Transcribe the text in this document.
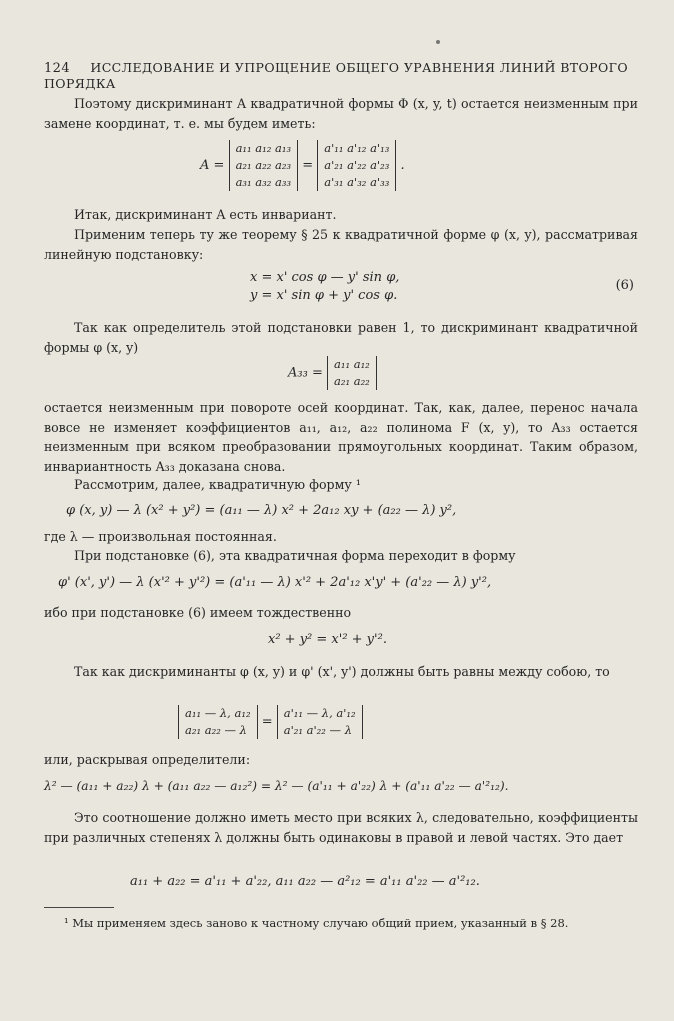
124 ИССЛЕДОВАНИЕ И УПРОЩЕНИЕ ОБЩЕГО УРАВНЕНИЯ ЛИНИЙ ВТОРОГО ПОРЯДКА
Поэтому дискриминант A квадратичной формы Φ (x, y, t) остается неизменным при замене координат, т. е. мы будем иметь:
A =
a₁₁ a₁₂ a₁₃
a₂₁ a₂₂ a₂₃
a₃₁ a₃₂ a₃₃
=
a'₁₁ a'₁₂ a'₁₃
a'₂₁ a'₂₂ a'₂₃
a'₃₁ a'₃₂ a'₃₃
.
Итак, дискриминант A есть инвариант.
Применим теперь ту же теорему § 25 к квадратичной форме φ (x, y), рассматривая линейную подстановку:
x = x' cos φ — y' sin φ,
y = x' sin φ + y' cos φ.
(6)
Так как определитель этой подстановки равен 1, то дискриминант квадратичной формы φ (x, y)
A₃₃ =
a₁₁ a₁₂
a₂₁ a₂₂
остается неизменным при повороте осей координат. Так, как, далее, перенос начала вовсе не изменяет коэффициентов a₁₁, a₁₂, a₂₂ полинома F (x, y), то A₃₃ остается неизменным при всяком преобразовании прямоугольных координат. Таким образом, инвариантность A₃₃ доказана снова.
Рассмотрим, далее, квадратичную форму ¹
φ (x, y) — λ (x² + y²) = (a₁₁ — λ) x² + 2a₁₂ xy + (a₂₂ — λ) y²,
где λ — произвольная постоянная.
При подстановке (6), эта квадратичная форма переходит в форму
φ' (x', y') — λ (x'² + y'²) = (a'₁₁ — λ) x'² + 2a'₁₂ x'y' + (a'₂₂ — λ) y'²,
ибо при подстановке (6) имеем тождественно
x² + y² = x'² + y'².
Так как дискриминанты φ (x, y) и φ' (x', y') должны быть равны между собою, то
a₁₁ — λ, a₁₂
a₂₁ a₂₂ — λ
=
a'₁₁ — λ, a'₁₂
a'₂₁ a'₂₂ — λ
или, раскрывая определители:
λ² — (a₁₁ + a₂₂) λ + (a₁₁ a₂₂ — a₁₂²) = λ² — (a'₁₁ + a'₂₂) λ + (a'₁₁ a'₂₂ — a'²₁₂).
Это соотношение должно иметь место при всяких λ, следовательно, коэффициенты при различных степенях λ должны быть одинаковы в правой и левой частях. Это дает
a₁₁ + a₂₂ = a'₁₁ + a'₂₂, a₁₁ a₂₂ — a²₁₂ = a'₁₁ a'₂₂ — a'²₁₂.
¹ Мы применяем здесь заново к частному случаю общий прием, указанный в § 28.
